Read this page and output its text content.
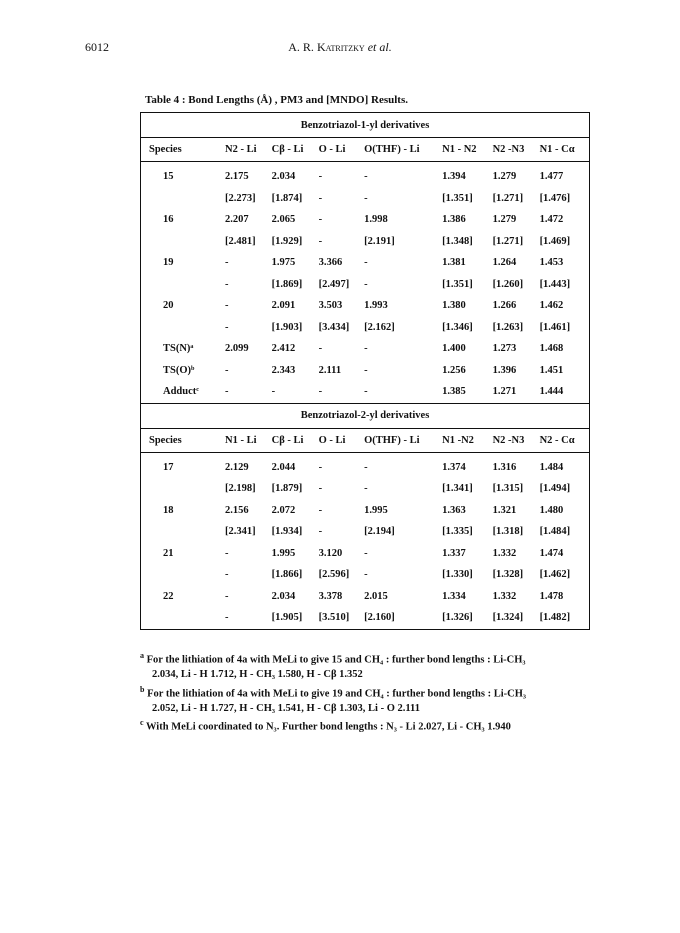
6012	A. R. Katritzky et al.
Table 4 : Bond Lengths (Å) , PM3 and [MNDO] Results.
Benzotriazol-1-yl derivatives							
Species	N2 - Li	Cβ - Li	O - Li	O(THF) - Li	N1 - N2	N2 -N3	N1 - Cα
15	2.175	2.034	-	-	1.394	1.279	1.477
	[2.273]	[1.874]	-	-	[1.351]	[1.271]	[1.476]
16	2.207	2.065	-	1.998	1.386	1.279	1.472
	[2.481]	[1.929]	-	[2.191]	[1.348]	[1.271]	[1.469]
19	-	1.975	3.366	-	1.381	1.264	1.453
	-	[1.869]	[2.497]	-	[1.351]	[1.260]	[1.443]
20	-	2.091	3.503	1.993	1.380	1.266	1.462
	-	[1.903]	[3.434]	[2.162]	[1.346]	[1.263]	[1.461]
TS(N)ᵃ	2.099	2.412	-	-	1.400	1.273	1.468
TS(O)ᵇ	-	2.343	2.111	-	1.256	1.396	1.451
Adductᶜ	-	-	-	-	1.385	1.271	1.444
Benzotriazol-2-yl derivatives							
Species	N1 - Li	Cβ - Li	O - Li	O(THF) - Li	N1 -N2	N2 -N3	N2 - Cα
17	2.129	2.044	-	-	1.374	1.316	1.484
	[2.198]	[1.879]	-	-	[1.341]	[1.315]	[1.494]
18	2.156	2.072	-	1.995	1.363	1.321	1.480
	[2.341]	[1.934]	-	[2.194]	[1.335]	[1.318]	[1.484]
21	-	1.995	3.120	-	1.337	1.332	1.474
	-	[1.866]	[2.596]	-	[1.330]	[1.328]	[1.462]
22	-	2.034	3.378	2.015	1.334	1.332	1.478
	-	[1.905]	[3.510]	[2.160]	[1.326]	[1.324]	[1.482]
$^a$ For the lithiation of 4a with MeLi to give 15 and CH₄ : further bond lengths : Li-CH₃
2.034, Li - H 1.712, H - CH₃ 1.580, H - Cβ 1.352
$^b$ For the lithiation of 4a with MeLi to give 19 and CH₄ : further bond lengths : Li-CH₃
2.052, Li - H 1.727, H - CH₃ 1.541, H - Cβ 1.303, Li - O 2.111
$^c$ With MeLi coordinated to N₃. Further bond lengths : N₃ - Li 2.027, Li - CH₃ 1.940
